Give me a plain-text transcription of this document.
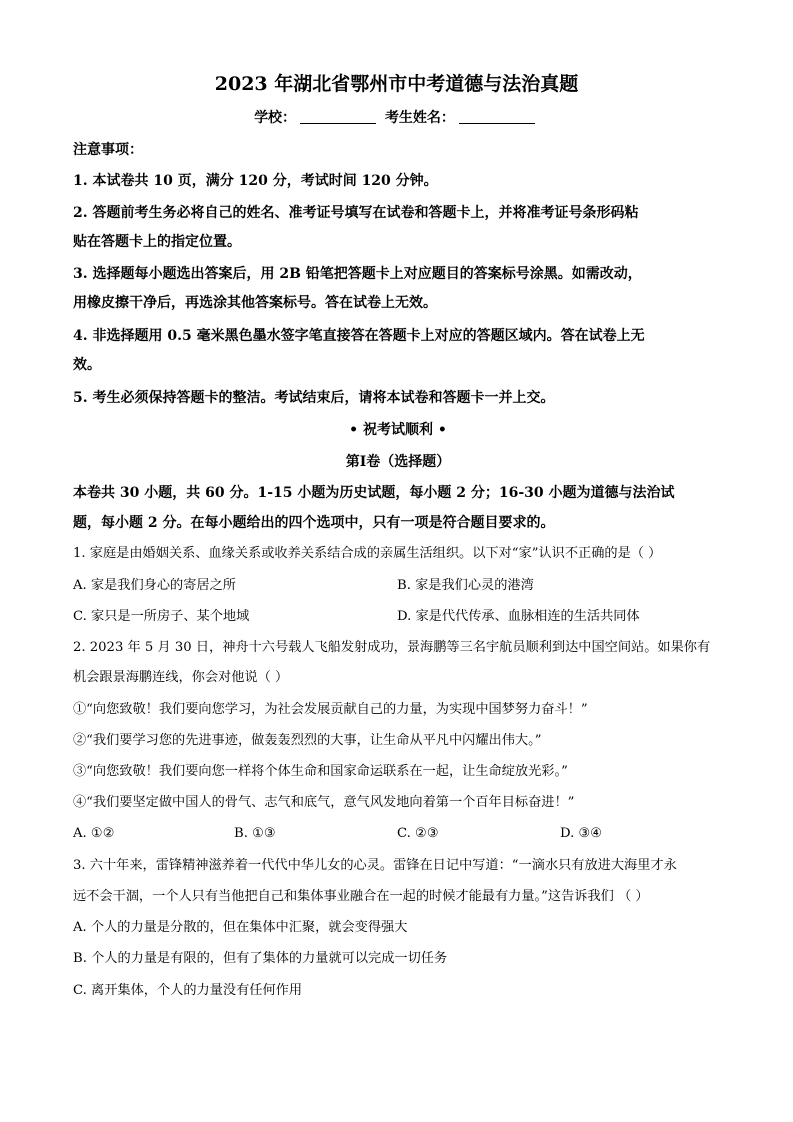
2023 年湖北省鄂州市中考道德与法治真题
学校：	考生姓名：
注意事项：
1. 本试卷共 10 页，满分 120 分，考试时间 120 分钟。
2. 答题前考生务必将自己的姓名、准考证号填写在试卷和答题卡上，并将准考证号条形码粘
贴在答题卡上的指定位置。
3. 选择题每小题选出答案后，用 2B 铅笔把答题卡上对应题目的答案标号涂黑。如需改动，
用橡皮擦干净后，再选涂其他答案标号。答在试卷上无效。
4. 非选择题用 0.5 毫米黑色墨水签字笔直接答在答题卡上对应的答题区域内。答在试卷上无
效。
5. 考生必须保持答题卡的整洁。考试结束后，请将本试卷和答题卡一并上交。
• 祝考试顺利 •
第Ⅰ卷（选择题）
本卷共 30 小题，共 60 分。1-15 小题为历史试题，每小题 2 分；16-30 小题为道德与法治试
题，每小题 2 分。在每小题给出的四个选项中，只有一项是符合题目要求的。
1. 家庭是由婚姻关系、血缘关系或收养关系结合成的亲属生活组织。以下对“家”认识不正确的是（ ）
A. 家是我们身心的寄居之所	B. 家是我们心灵的港湾
C. 家只是一所房子、某个地域	D. 家是代代传承、血脉相连的生活共同体
2. 2023 年 5 月 30 日，神舟十六号载人飞船发射成功，景海鹏等三名宇航员顺利到达中国空间站。如果你有
机会跟景海鹏连线，你会对他说（ ）
①“向您致敬！我们要向您学习，为社会发展贡献自己的力量，为实现中国梦努力奋斗！”
②“我们要学习您的先进事迹，做轰轰烈烈的大事，让生命从平凡中闪耀出伟大。”
③“向您致敬！我们要向您一样将个体生命和国家命运联系在一起，让生命绽放光彩。”
④“我们要坚定做中国人的骨气、志气和底气，意气风发地向着第一个百年目标奋进！”
A. ①②	B. ①③	C. ②③	D. ③④
3. 六十年来，雷锋精神滋养着一代代中华儿女的心灵。雷锋在日记中写道：“一滴水只有放进大海里才永
远不会干涸，一个人只有当他把自己和集体事业融合在一起的时候才能最有力量。”这告诉我们 （ ）
A. 个人的力量是分散的，但在集体中汇聚，就会变得强大
B. 个人的力量是有限的，但有了集体的力量就可以完成一切任务
C. 离开集体，个人的力量没有任何作用
